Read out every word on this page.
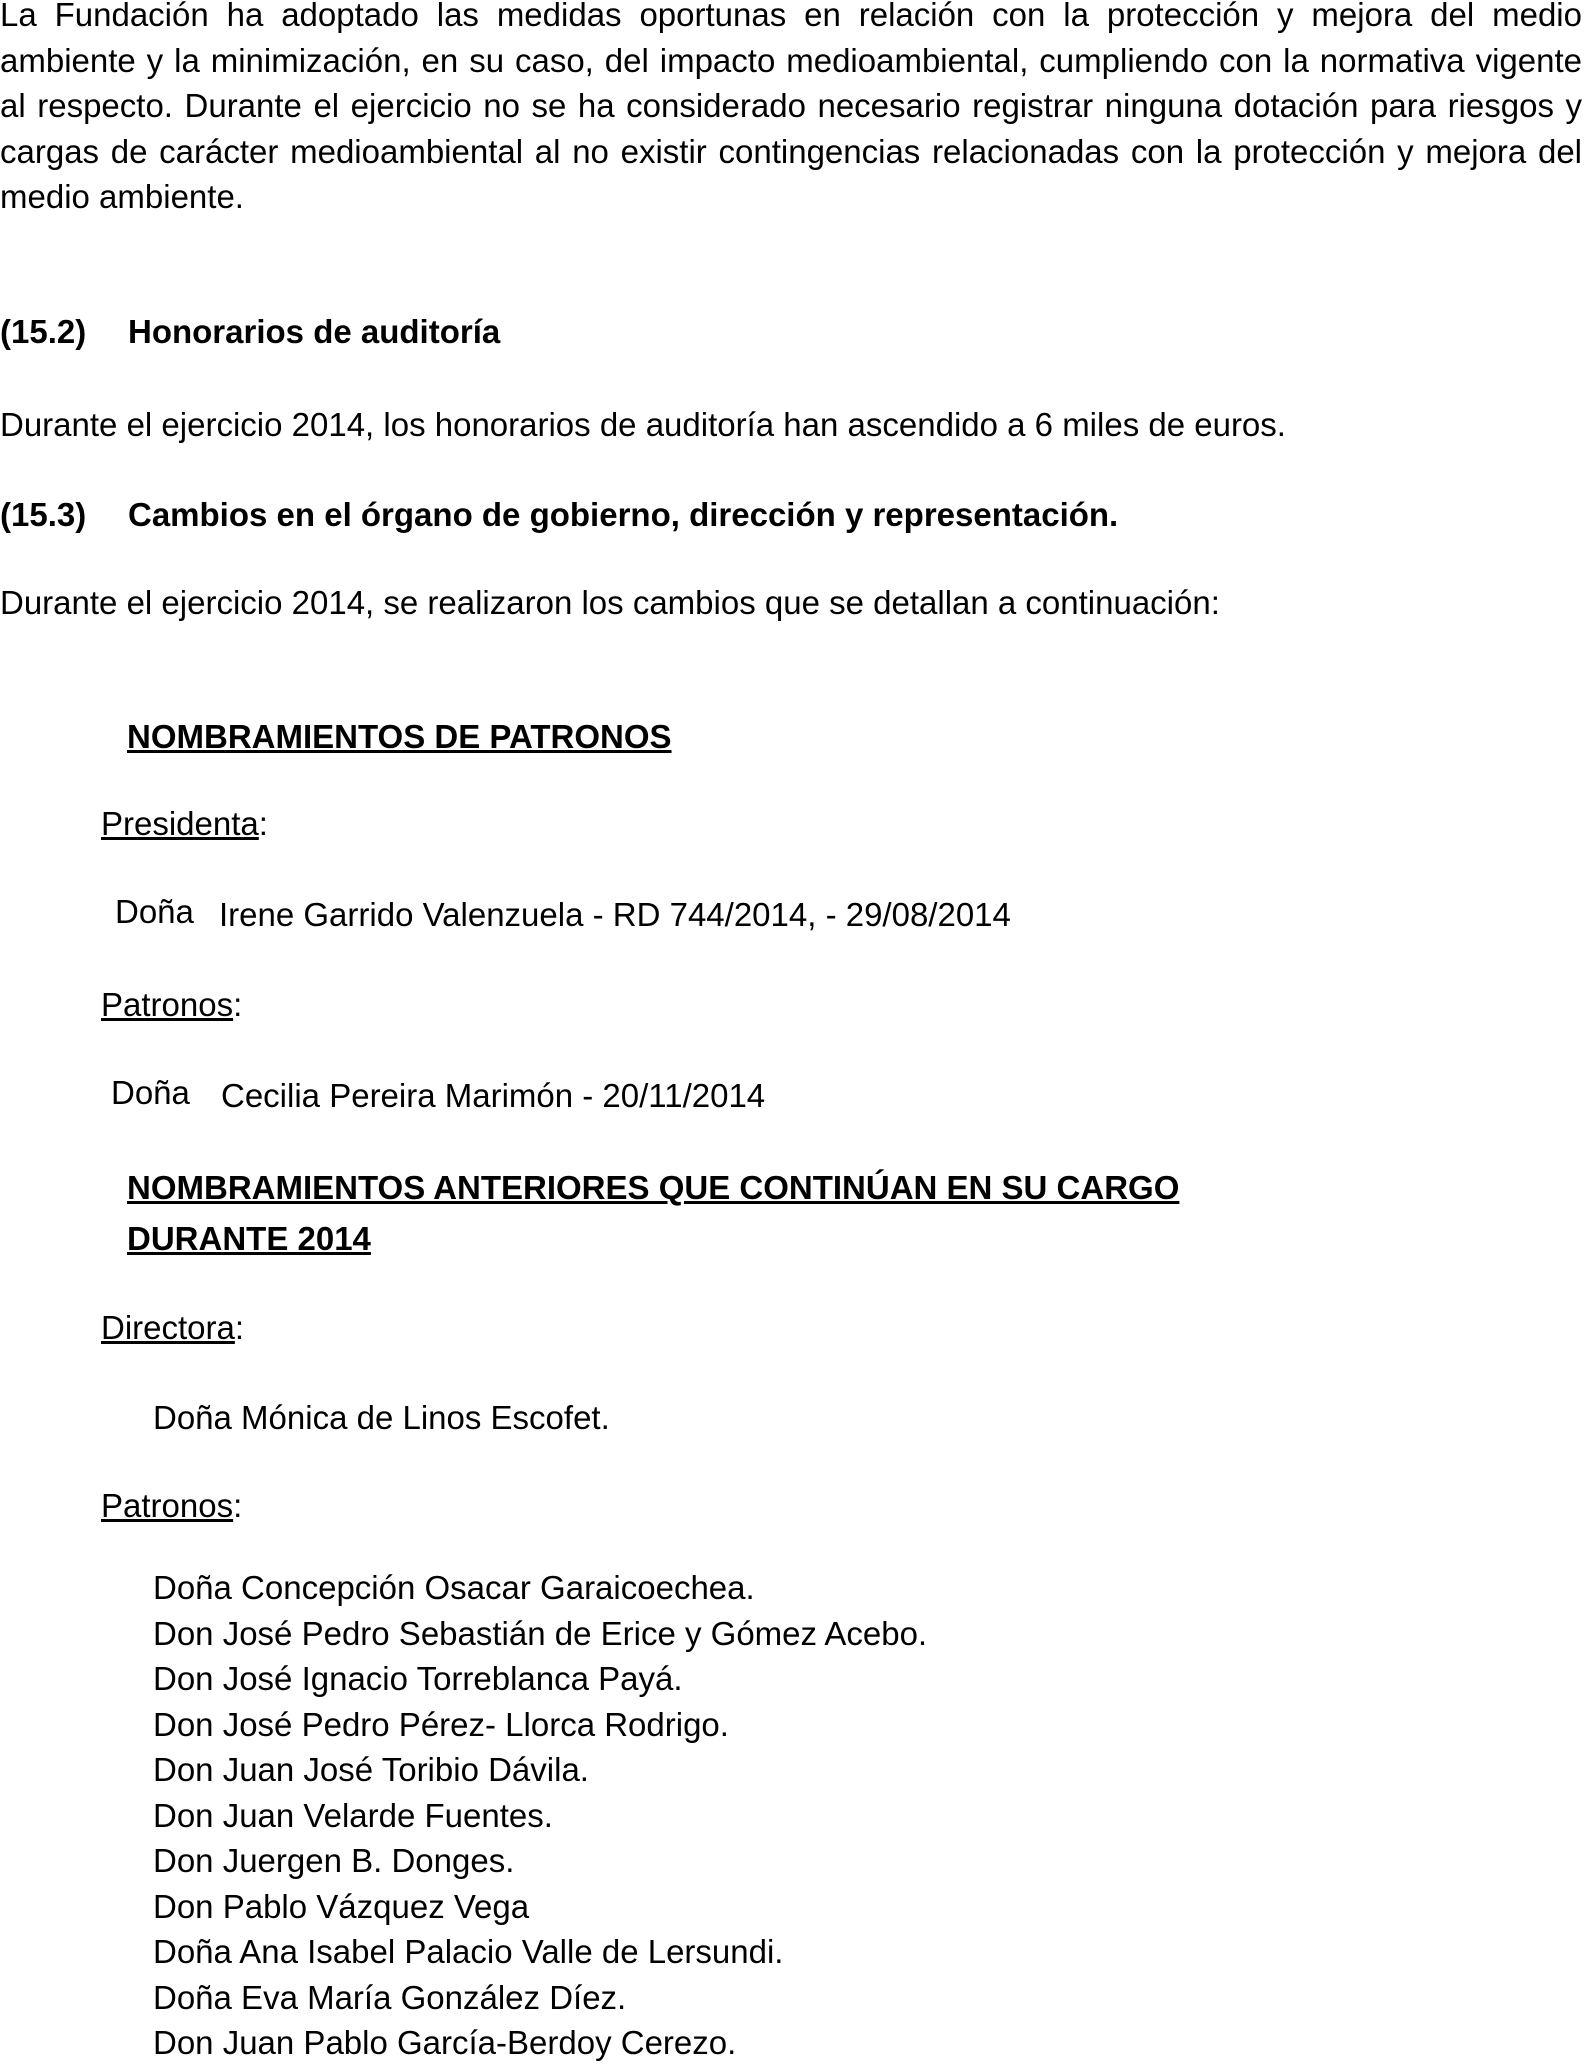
La Fundación ha adoptado las medidas oportunas en relación con la protección y mejora del medio ambiente y la minimización, en su caso, del impacto medioambiental, cumpliendo con la normativa vigente al respecto. Durante el ejercicio no se ha considerado necesario registrar ninguna dotación para riesgos y cargas de carácter medioambiental al no existir contingencias relacionadas con la protección y mejora del medio ambiente.

(15.2) Honorarios de auditoría

Durante el ejercicio 2014, los honorarios de auditoría han ascendido a 6 miles de euros.

(15.3) Cambios en el órgano de gobierno, dirección y representación.

Durante el ejercicio 2014, se realizaron los cambios que se detallan a continuación:

NOMBRAMIENTOS DE PATRONOS

Presidenta:

Doña Irene Garrido Valenzuela - RD 744/2014, - 29/08/2014

Patronos:

Doña Cecilia Pereira Marimón - 20/11/2014

NOMBRAMIENTOS ANTERIORES QUE CONTINÚAN EN SU CARGO

DURANTE 2014

Directora:

Doña Mónica de Linos Escofet.

Patronos:

Doña Concepción Osacar Garaicoechea.
Don José Pedro Sebastián de Erice y Gómez Acebo.
Don José Ignacio Torreblanca Payá.
Don José Pedro Pérez- Llorca Rodrigo.
Don Juan José Toribio Dávila.
Don Juan Velarde Fuentes.
Don Juergen B. Donges.
Don Pablo Vázquez Vega
Doña Ana Isabel Palacio Valle de Lersundi.
Doña Eva María González Díez.
Don Juan Pablo García-Berdoy Cerezo.
